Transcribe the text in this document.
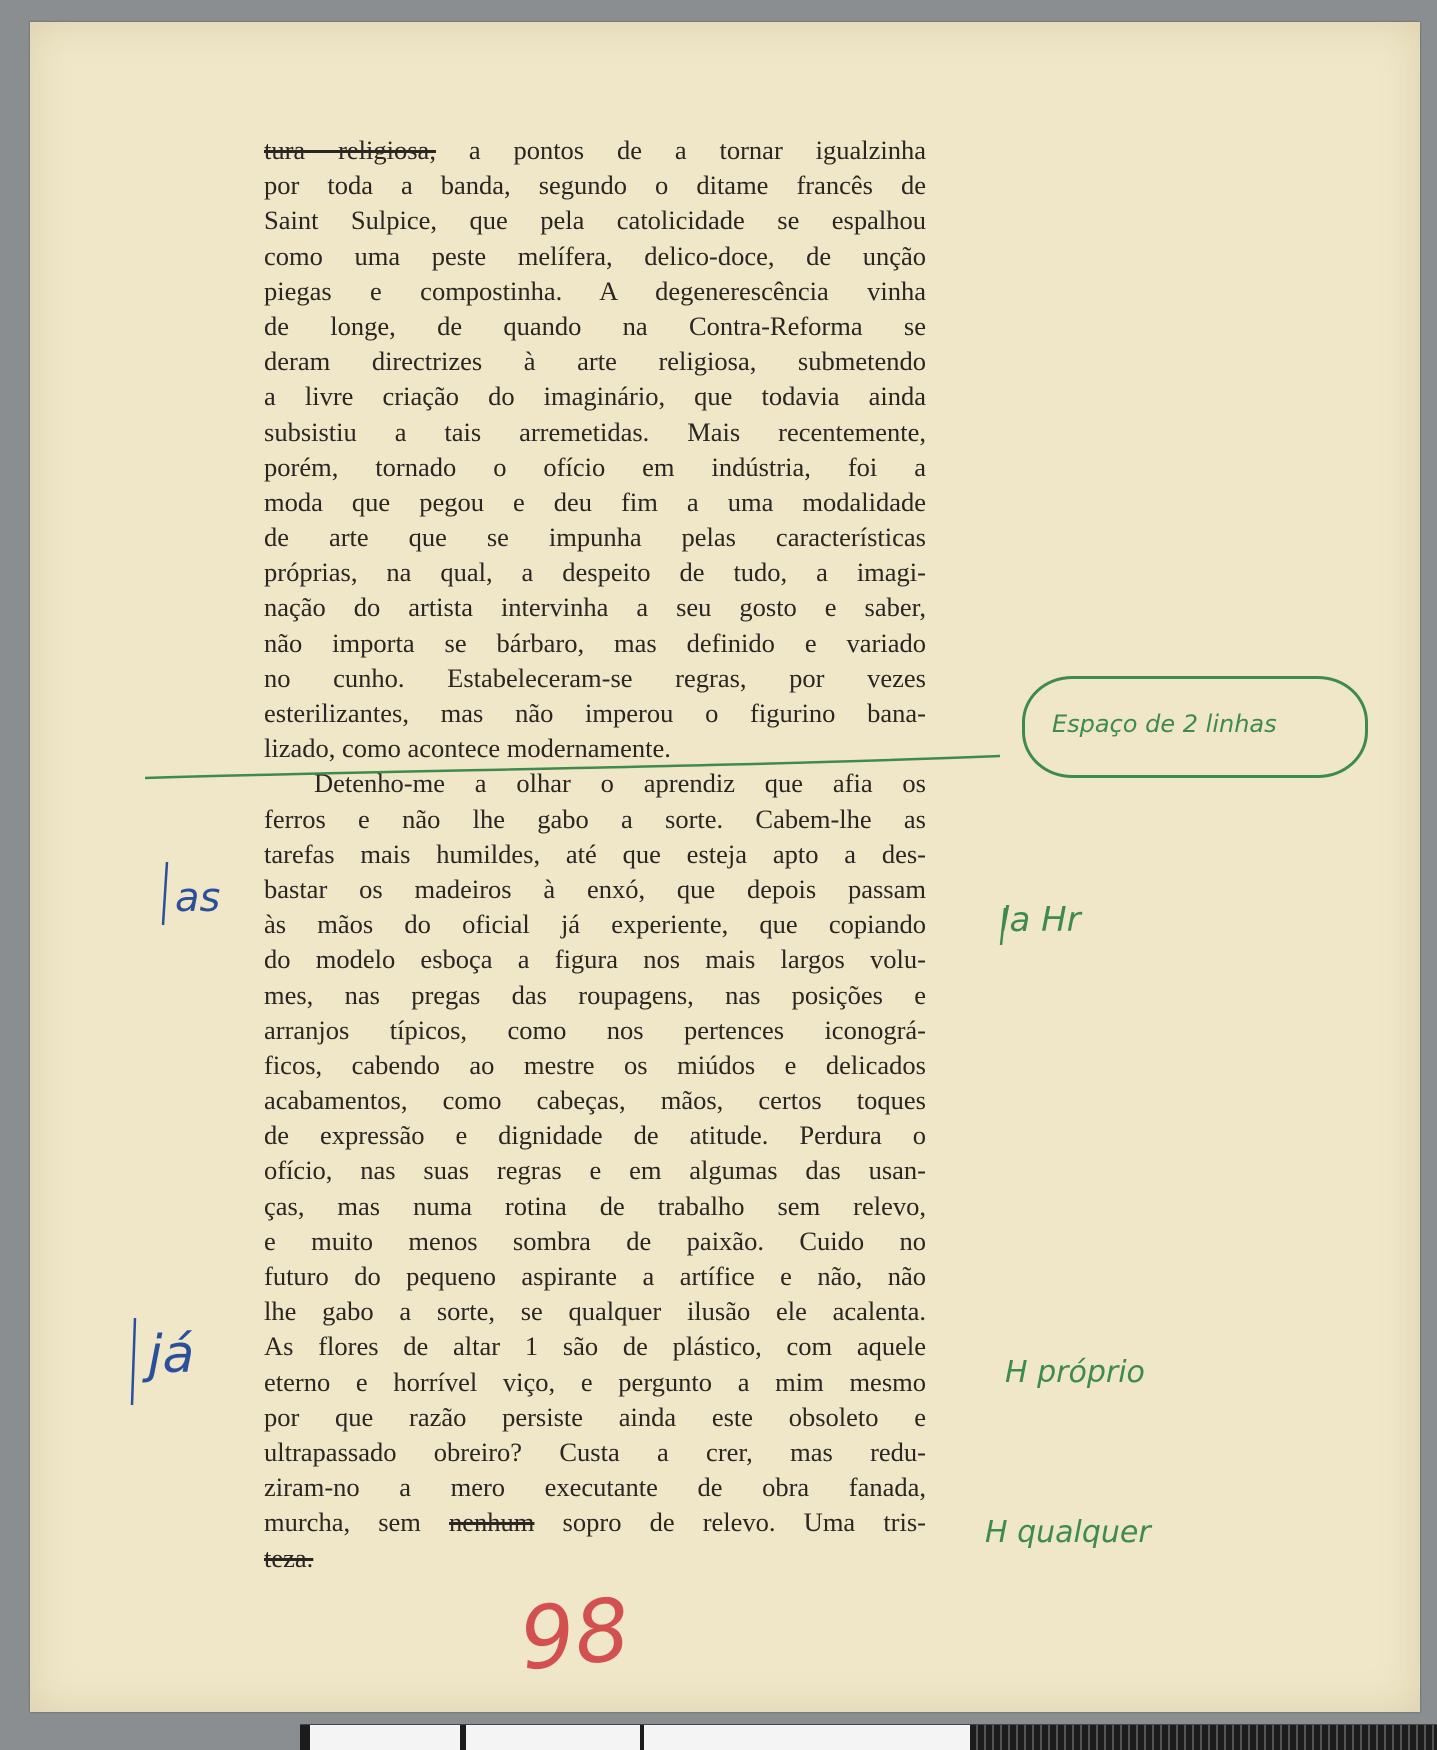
tura religiosa, a pontos de a tornar igualzinha
por toda a banda, segundo o ditame francês de
Saint Sulpice, que pela catolicidade se espalhou
como uma peste melífera, delico-doce, de unção
piegas e compostinha. A degenerescência vinha
de longe, de quando na Contra-Reforma se
deram directrizes à arte religiosa, submetendo
a livre criação do imaginário, que todavia ainda
subsistiu a tais arremetidas. Mais recentemente,
porém, tornado o ofício em indústria, foi a
moda que pegou e deu fim a uma modalidade
de arte que se impunha pelas características
próprias, na qual, a despeito de tudo, a imagi-
nação do artista intervinha a seu gosto e saber,
não importa se bárbaro, mas definido e variado
no cunho. Estabeleceram-se regras, por vezes
esterilizantes, mas não imperou o figurino bana-
lizado, como acontece modernamente.
Detenho-me a olhar o aprendiz que afia os
ferros e não lhe gabo a sorte. Cabem-lhe as
tarefas mais humildes, até que esteja apto a des-
bastar os madeiros à enxó, que depois passam
às mãos do oficial já experiente, que copiando
do modelo esboça a figura nos mais largos volu-
mes, nas pregas das roupagens, nas posições e
arranjos típicos, como nos pertences iconográ-
ficos, cabendo ao mestre os miúdos e delicados
acabamentos, como cabeças, mãos, certos toques
de expressão e dignidade de atitude. Perdura o
ofício, nas suas regras e em algumas das usan-
ças, mas numa rotina de trabalho sem relevo,
e muito menos sombra de paixão. Cuido no
futuro do pequeno aspirante a artífice e não, não
lhe gabo a sorte, se qualquer ilusão ele acalenta.
As flores de altar 1 são de plástico, com aquele
eterno e horrível viço, e pergunto a mim mesmo
por que razão persiste ainda este obsoleto e
ultrapassado obreiro? Custa a crer, mas redu-
ziram-no a mero executante de obra fanada,
murcha, sem nenhum sopro de relevo. Uma tris-
teza.
Espaço de 2 linhas
la Hr
H próprio
H qualquer
as
já
98
